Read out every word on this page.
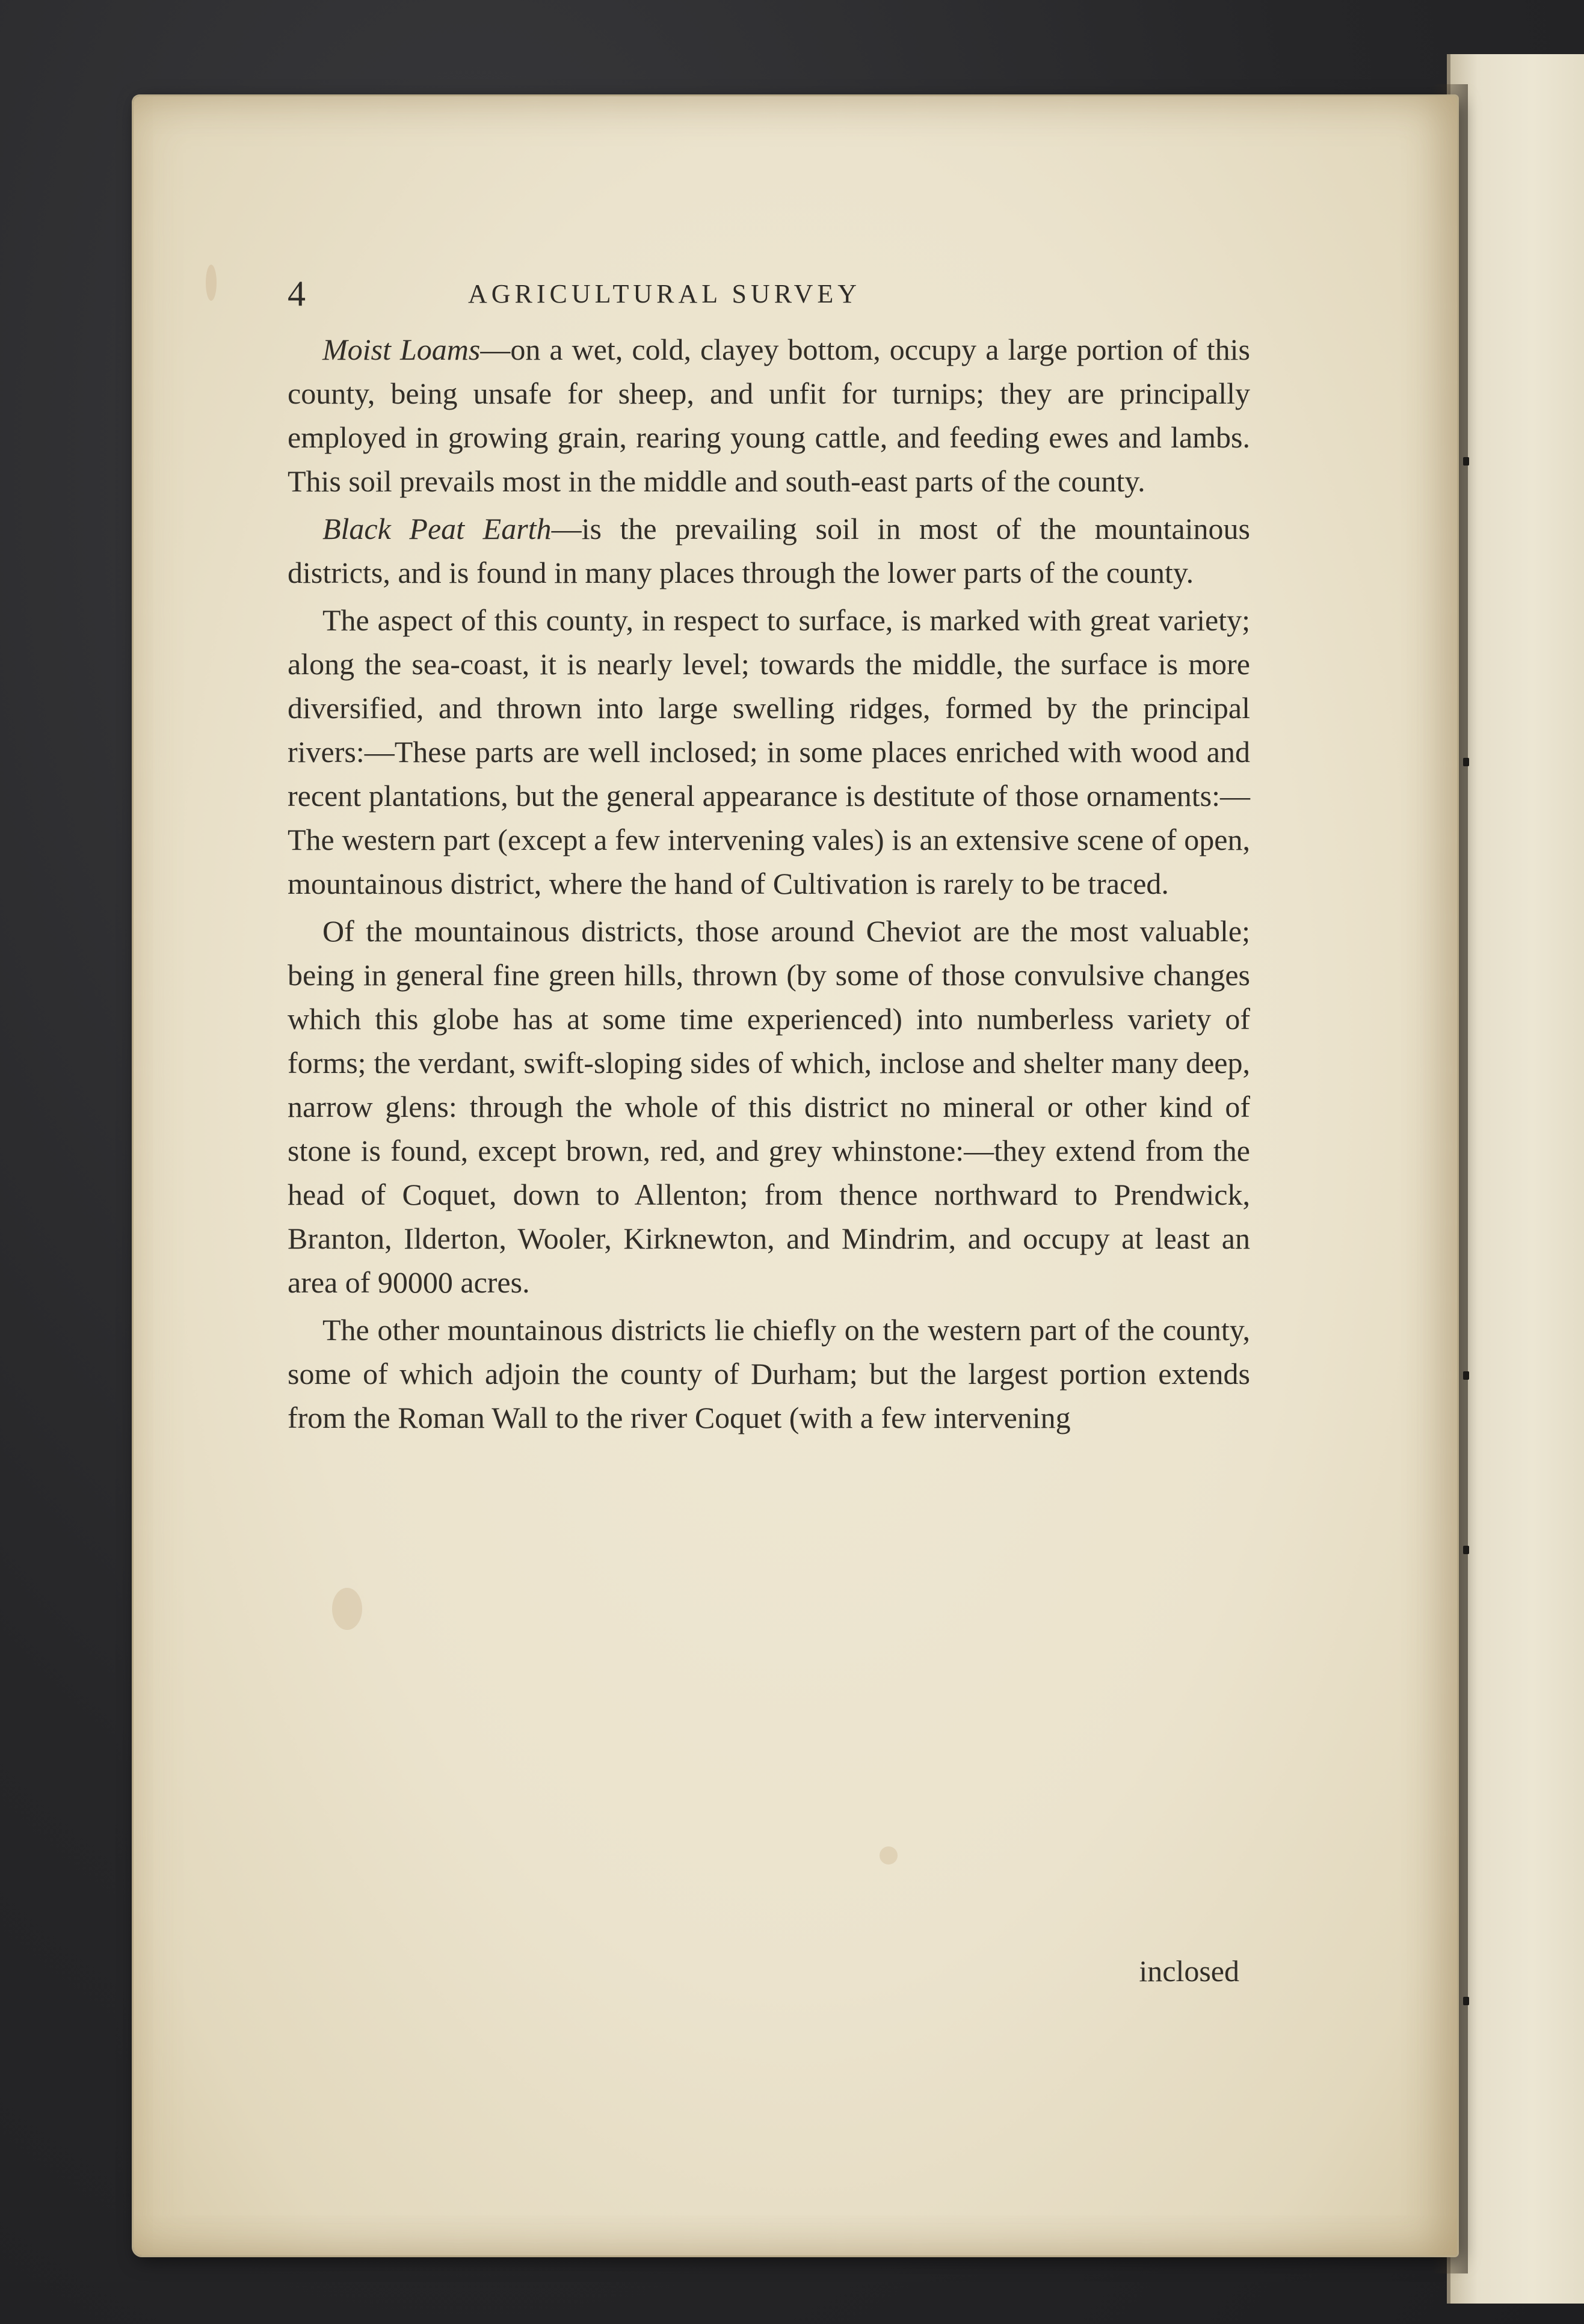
4	AGRICULTURAL SURVEY

Moist Loams—on a wet, cold, clayey bottom, occupy a large portion of this county, being unsafe for sheep, and unfit for turnips; they are principally employed in growing grain, rearing young cattle, and feeding ewes and lambs. This soil prevails most in the middle and south-east parts of the county.

Black Peat Earth—is the prevailing soil in most of the mountainous districts, and is found in many places through the lower parts of the county.

The aspect of this county, in respect to surface, is marked with great variety; along the sea-coast, it is nearly level; towards the middle, the surface is more diversified, and thrown into large swelling ridges, formed by the principal rivers:—These parts are well inclosed; in some places enriched with wood and recent plantations, but the general appearance is destitute of those ornaments:—The western part (except a few intervening vales) is an extensive scene of open, mountainous district, where the hand of Cultivation is rarely to be traced.

Of the mountainous districts, those around Cheviot are the most valuable; being in general fine green hills, thrown (by some of those convulsive changes which this globe has at some time experienced) into numberless variety of forms; the verdant, swift-sloping sides of which, inclose and shelter many deep, narrow glens: through the whole of this district no mineral or other kind of stone is found, except brown, red, and grey whinstone:—they extend from the head of Coquet, down to Allenton; from thence northward to Prendwick, Branton, Ilderton, Wooler, Kirknewton, and Mindrim, and occupy at least an area of 90000 acres.

The other mountainous districts lie chiefly on the western part of the county, some of which adjoin the county of Durham; but the largest portion extends from the Roman Wall to the river Coquet (with a few intervening

inclosed
